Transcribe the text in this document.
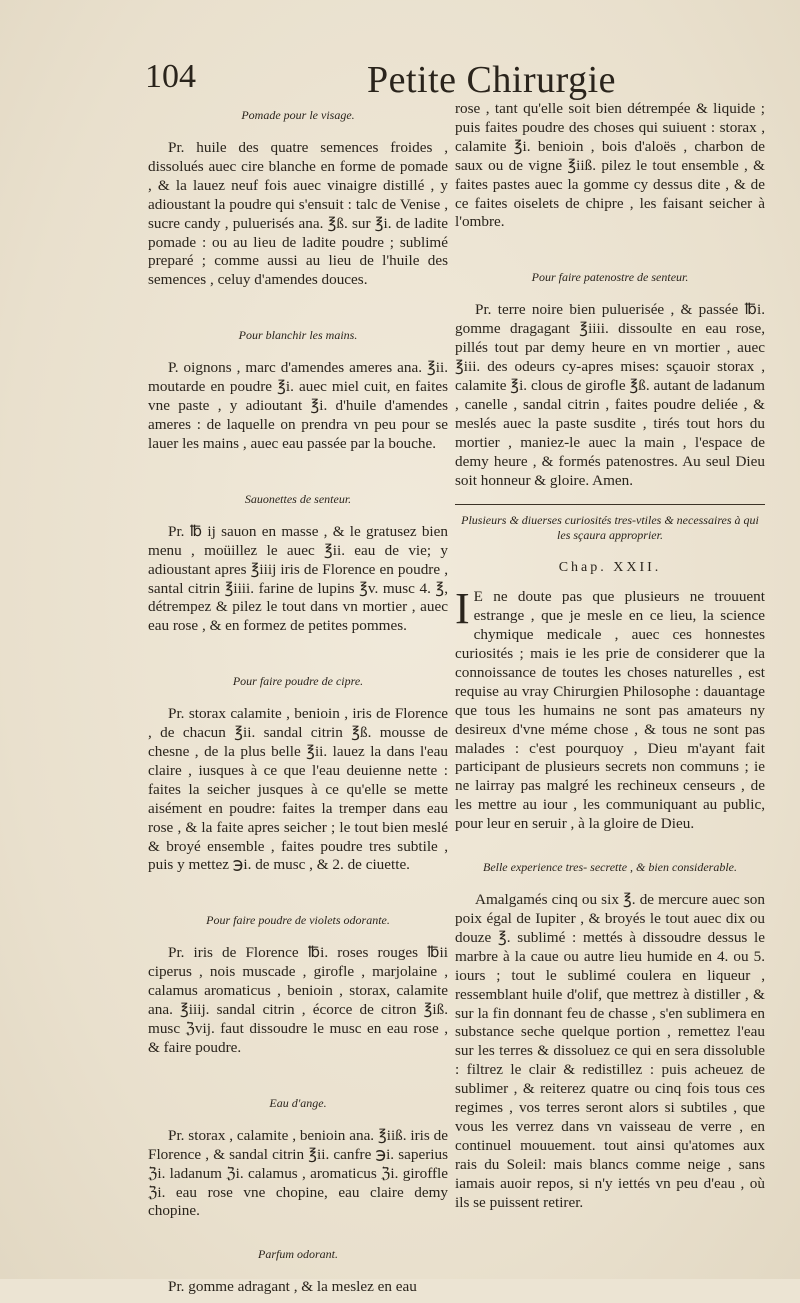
104	Petite Chirurgie
Pomade pour le visage.

Pr. huile des quatre semences froides , dissolués auec cire blanche en forme de pomade , & la lauez neuf fois auec vinaigre distillé , y adioustant la poudre qui s'ensuit : talc de Venise , sucre candy , puluerisés ana. ℥ß. sur ℥i. de ladite pomade : ou au lieu de ladite poudre ; sublimé preparé ; comme aussi au lieu de l'huile des semences , celuy d'amendes douces.

Pour blanchir les mains.

P. oignons , marc d'amendes ameres ana. ℥ii. moutarde en poudre ℥i. auec miel cuit, en faites vne paste , y adioutant ℥i. d'huile d'amendes ameres : de laquelle on prendra vn peu pour se lauer les mains , auec eau passée par la bouche.

Sauonettes de senteur.

Pr. ℔ ij sauon en masse , & le gratusez bien menu , moüillez le auec ℥ii. eau de vie; y adioustant apres ℥iiij iris de Florence en poudre , santal citrin ℥iiii. farine de lupins ℥v. musc 4. ℥, détrempez & pilez le tout dans vn mortier , auec eau rose , & en formez de petites pommes.

Pour faire poudre de cipre.

Pr. storax calamite , benioin , iris de Florence , de chacun ℥ii. sandal citrin ℥ß. mousse de chesne , de la plus belle ℥ii. lauez la dans l'eau claire , iusques à ce que l'eau deuienne nette : faites la seicher jusques à ce qu'elle se mette aisément en poudre: faites la tremper dans eau rose , & la faite apres seicher ; le tout bien meslé & broyé ensemble , faites poudre tres subtile , puis y mettez ℈i. de musc , & 2. de ciuette.

Pour faire poudre de violets odorante.

Pr. iris de Florence ℔i. roses rouges ℔ii ciperus , nois muscade , girofle , marjolaine , calamus aromaticus , benioin , storax, calamite ana. ℥iiij. sandal citrin , écorce de citron ℥iß. musc ℨvij. faut dissoudre le musc en eau rose , & faire poudre.

Eau d'ange.

Pr. storax , calamite , benioin ana. ℥iiß. iris de Florence , & sandal citrin ℥ii. canfre ℈i. saperius ℨi. ladanum ℨi. calamus , aromaticus ℨi. giroffle ℨi. eau rose vne chopine, eau claire demy chopine.

Parfum odorant.

Pr. gomme adragant , & la meslez en eau

rose , tant qu'elle soit bien détrempée & liquide ; puis faites poudre des choses qui suiuent : storax , calamite ℥i. benioin , bois d'aloës , charbon de saux ou de vigne ℥iiß. pilez le tout ensemble , & faites pastes auec la gomme cy dessus dite , & de ce faites oiselets de chipre , les faisant seicher à l'ombre.

Pour faire patenostre de senteur.

Pr. terre noire bien puluerisée , & passée ℔i. gomme dragagant ℥iiii. dissoulte en eau rose, pillés tout par demy heure en vn mortier , auec ℥iii. des odeurs cy-apres mises: sçauoir storax , calamite ℥i. clous de girofle ℥ß. autant de ladanum , canelle , sandal citrin , faites poudre deliée , & meslés auec la paste susdite , tirés tout hors du mortier , maniez-le auec la main , l'espace de demy heure , & formés patenostres. Au seul Dieu soit honneur & gloire. Amen.

Plusieurs & diuerses curiosités tres-vtiles & necessaires à qui les sçaura approprier.
Chap. XXII.

I E ne doute pas que plusieurs ne trouuent estrange , que je mesle en ce lieu, la science chymique medicale , auec ces honnestes curiosités ; mais ie les prie de considerer que la connoissance de toutes les choses naturelles , est requise au vray Chirurgien Philosophe : dauantage que tous les humains ne sont pas amateurs ny desireux d'vne méme chose , & tous ne sont pas malades : c'est pourquoy , Dieu m'ayant fait participant de plusieurs secrets non communs ; ie ne lairray pas malgré les rechineux censeurs , de les mettre au iour , les communiquant au public, pour leur en seruir , à la gloire de Dieu.

Belle experience tres- secrette , & bien considerable.

Amalgamés cinq ou six ℥. de mercure auec son poix égal de Iupiter , & broyés le tout auec dix ou douze ℥. sublimé : mettés à dissoudre dessus le marbre à la caue ou autre lieu humide en 4. ou 5. iours ; tout le sublimé coulera en liqueur , ressemblant huile d'olif, que mettrez à distiller , & sur la fin donnant feu de chasse , s'en sublimera en substance seche quelque portion , remettez l'eau sur les terres & dissoluez ce qui en sera dissoluble : filtrez le clair & redistillez : puis acheuez de sublimer , & reiterez quatre ou cinq fois tous ces regimes , vos terres seront alors si subtiles , que vous les verrez dans vn vaisseau de verre , en continuel mouuement. tout ainsi qu'atomes aux rais du Soleil: mais blancs comme neige , sans iamais auoir repos, si n'y iettés vn peu d'eau , où ils se puissent retirer.
